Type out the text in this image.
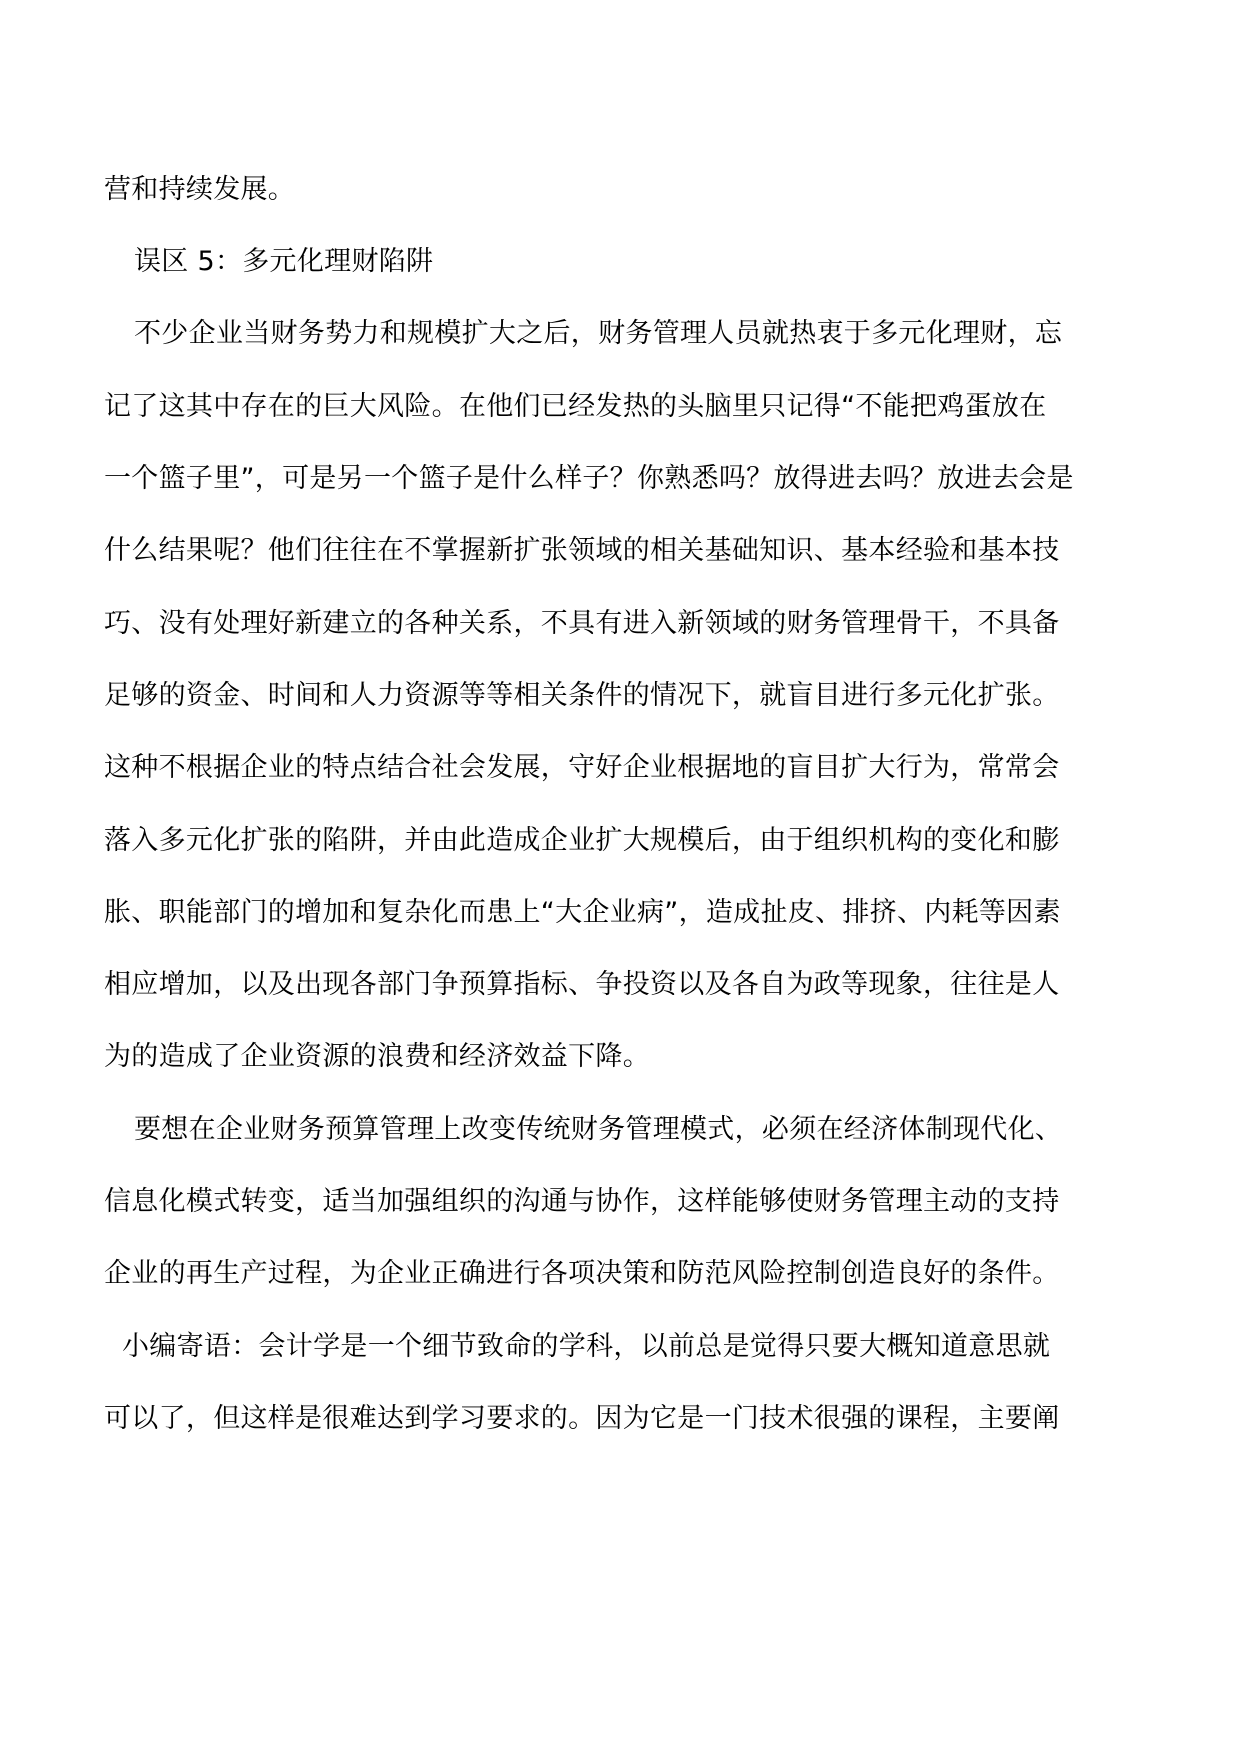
营和持续发展。
误区 5：多元化理财陷阱
不少企业当财务势力和规模扩大之后，财务管理人员就热衷于多元化理财，忘
记了这其中存在的巨大风险。在他们已经发热的头脑里只记得“不能把鸡蛋放在
一个篮子里”，可是另一个篮子是什么样子？你熟悉吗？放得进去吗？放进去会是
什么结果呢？他们往往在不掌握新扩张领域的相关基础知识、基本经验和基本技
巧、没有处理好新建立的各种关系，不具有进入新领域的财务管理骨干，不具备
足够的资金、时间和人力资源等等相关条件的情况下，就盲目进行多元化扩张。
这种不根据企业的特点结合社会发展，守好企业根据地的盲目扩大行为，常常会
落入多元化扩张的陷阱，并由此造成企业扩大规模后，由于组织机构的变化和膨
胀、职能部门的增加和复杂化而患上“大企业病”，造成扯皮、排挤、内耗等因素
相应增加，以及出现各部门争预算指标、争投资以及各自为政等现象，往往是人
为的造成了企业资源的浪费和经济效益下降。
要想在企业财务预算管理上改变传统财务管理模式，必须在经济体制现代化、
信息化模式转变，适当加强组织的沟通与协作，这样能够使财务管理主动的支持
企业的再生产过程，为企业正确进行各项决策和防范风险控制创造良好的条件。
小编寄语：会计学是一个细节致命的学科，以前总是觉得只要大概知道意思就
可以了，但这样是很难达到学习要求的。因为它是一门技术很强的课程，主要阐
